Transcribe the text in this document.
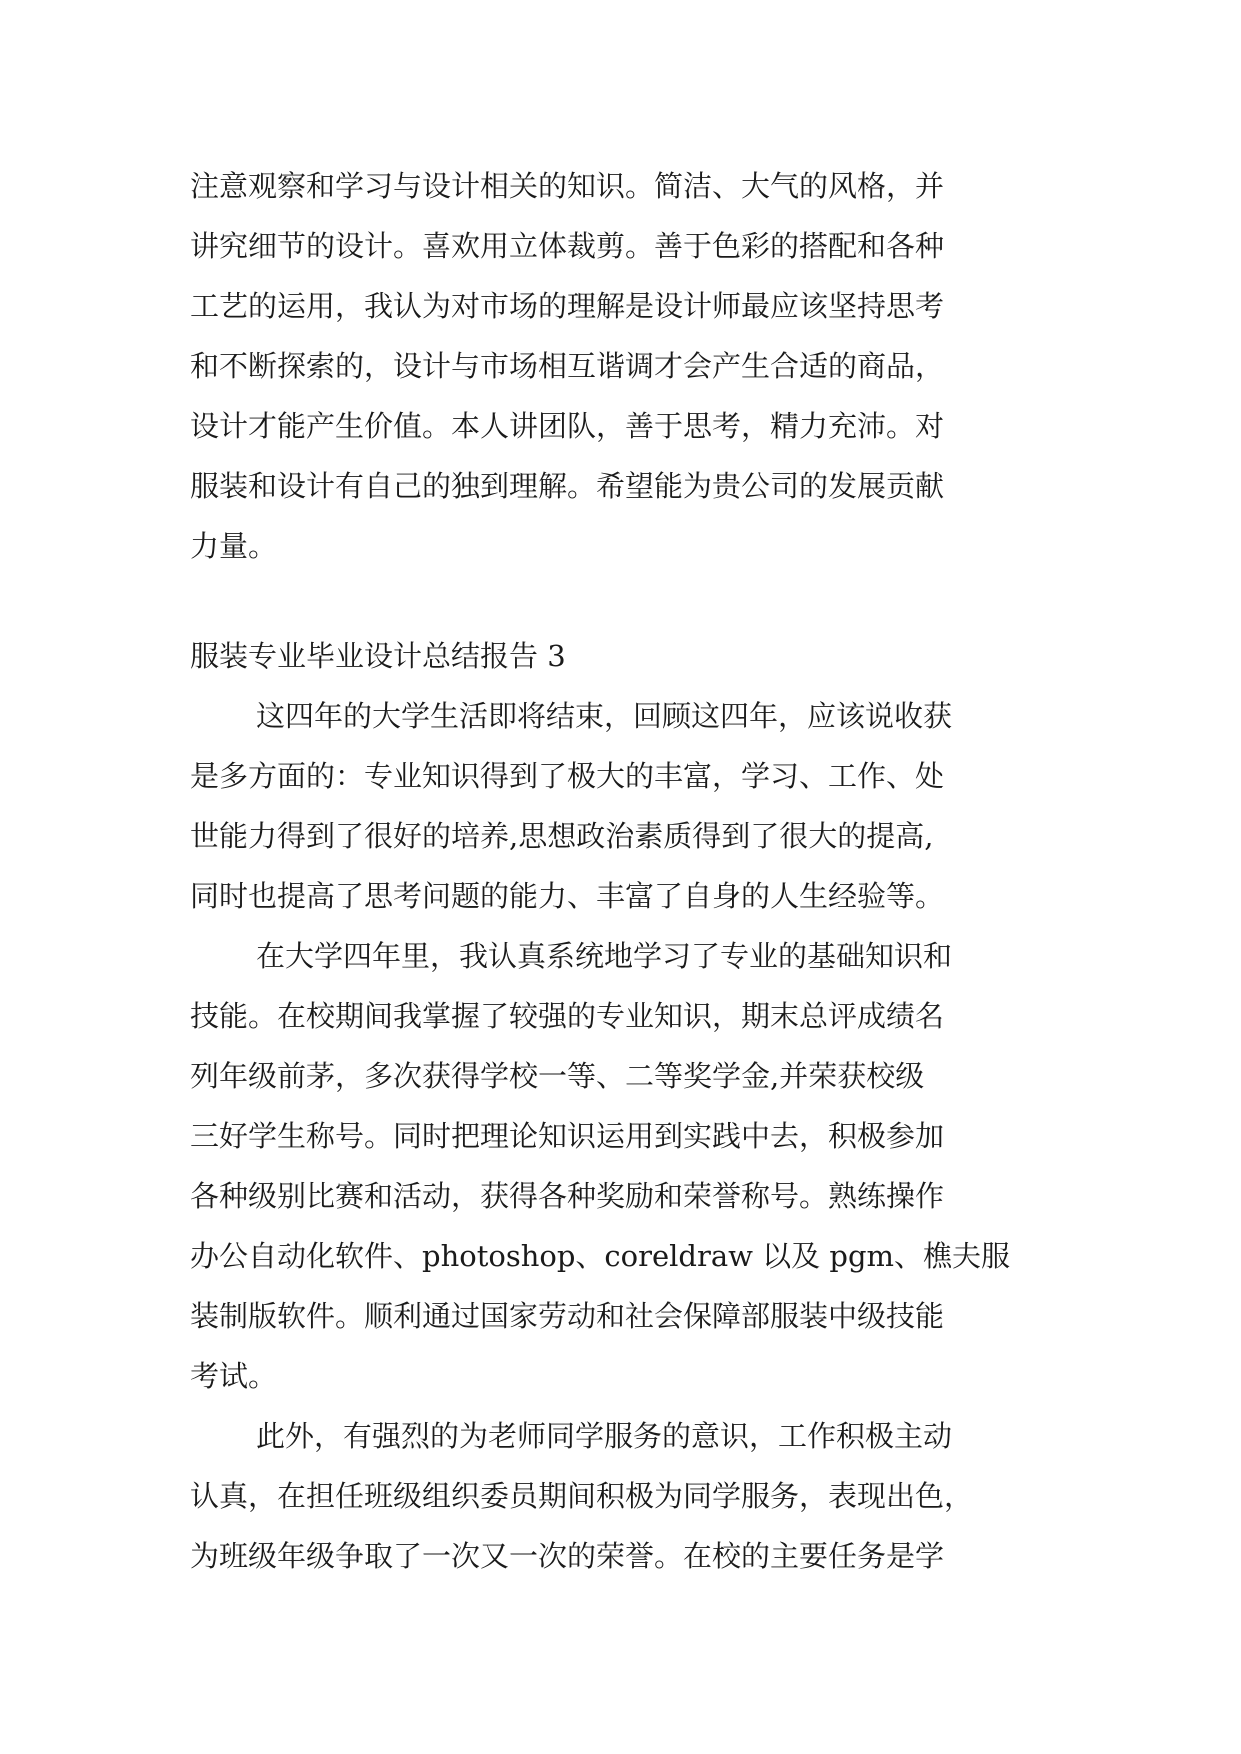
注意观察和学习与设计相关的知识。简洁、大气的风格，并

讲究细节的设计。喜欢用立体裁剪。善于色彩的搭配和各种

工艺的运用，我认为对市场的理解是设计师最应该坚持思考

和不断探索的，设计与市场相互谐调才会产生合适的商品，

设计才能产生价值。本人讲团队，善于思考，精力充沛。对

服装和设计有自己的独到理解。希望能为贵公司的发展贡献

力量。

服装专业毕业设计总结报告 3

这四年的大学生活即将结束，回顾这四年，应该说收获

是多方面的：专业知识得到了极大的丰富，学习、工作、处

世能力得到了很好的培养,思想政治素质得到了很大的提高,

同时也提高了思考问题的能力、丰富了自身的人生经验等。

在大学四年里，我认真系统地学习了专业的基础知识和

技能。在校期间我掌握了较强的专业知识，期末总评成绩名

列年级前茅，多次获得学校一等、二等奖学金,并荣获校级

三好学生称号。同时把理论知识运用到实践中去，积极参加

各种级别比赛和活动，获得各种奖励和荣誉称号。熟练操作

办公自动化软件、photoshop、coreldraw 以及 pgm、樵夫服

装制版软件。顺利通过国家劳动和社会保障部服装中级技能

考试。

此外，有强烈的为老师同学服务的意识，工作积极主动

认真，在担任班级组织委员期间积极为同学服务，表现出色，

为班级年级争取了一次又一次的荣誉。在校的主要任务是学
